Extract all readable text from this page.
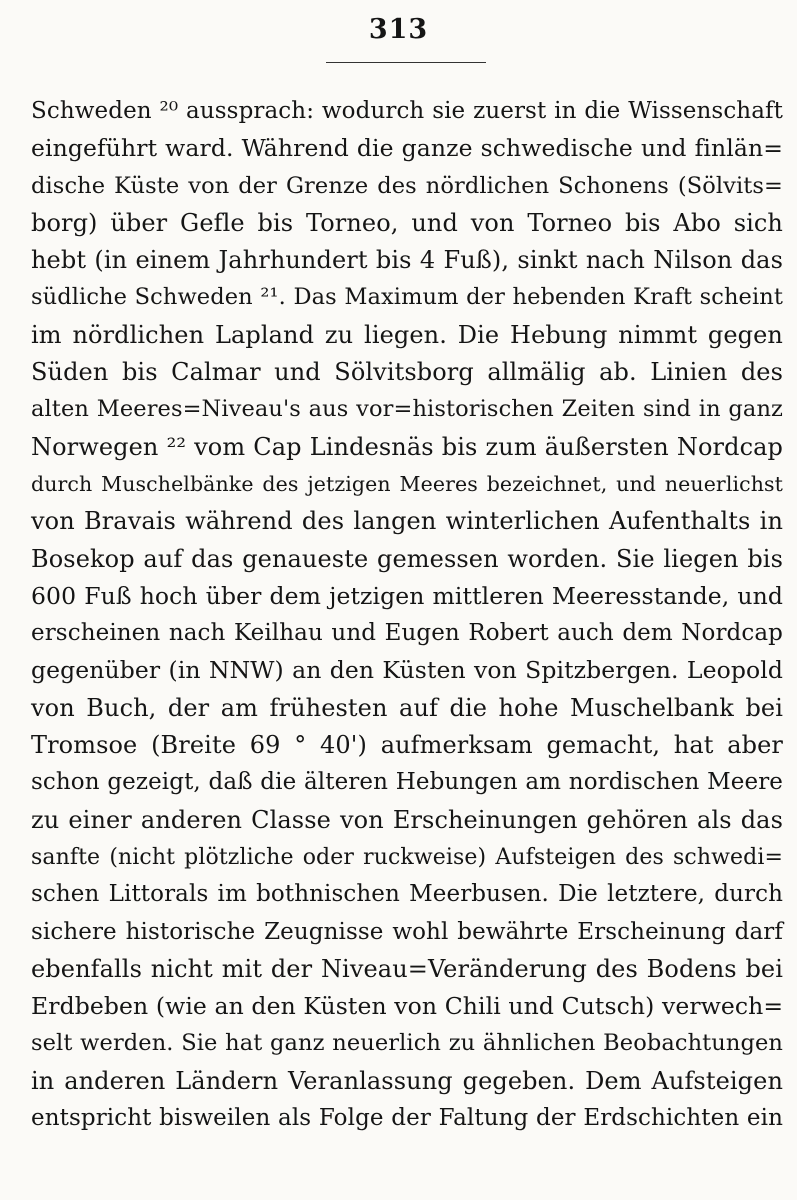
313
Schweden ²⁰ aussprach: wodurch sie zuerst in die Wissenschaft
eingeführt ward. Während die ganze schwedische und finlän=
dische Küste von der Grenze des nördlichen Schonens (Sölvits=
borg) über Gefle bis Torneo, und von Torneo bis Abo sich
hebt (in einem Jahrhundert bis 4 Fuß), sinkt nach Nilson das
südliche Schweden ²¹. Das Maximum der hebenden Kraft scheint
im nördlichen Lapland zu liegen. Die Hebung nimmt gegen
Süden bis Calmar und Sölvitsborg allmälig ab. Linien des
alten Meeres=Niveau's aus vor=historischen Zeiten sind in ganz
Norwegen ²² vom Cap Lindesnäs bis zum äußersten Nordcap
durch Muschelbänke des jetzigen Meeres bezeichnet, und neuerlichst
von Bravais während des langen winterlichen Aufenthalts in
Bosekop auf das genaueste gemessen worden. Sie liegen bis
600 Fuß hoch über dem jetzigen mittleren Meeresstande, und
erscheinen nach Keilhau und Eugen Robert auch dem Nordcap
gegenüber (in NNW) an den Küsten von Spitzbergen. Leopold
von Buch, der am frühesten auf die hohe Muschelbank bei
Tromsoe (Breite 69 ° 40') aufmerksam gemacht, hat aber
schon gezeigt, daß die älteren Hebungen am nordischen Meere
zu einer anderen Classe von Erscheinungen gehören als das
sanfte (nicht plötzliche oder ruckweise) Aufsteigen des schwedi=
schen Littorals im bothnischen Meerbusen. Die letztere, durch
sichere historische Zeugnisse wohl bewährte Erscheinung darf
ebenfalls nicht mit der Niveau=Veränderung des Bodens bei
Erdbeben (wie an den Küsten von Chili und Cutsch) verwech=
selt werden. Sie hat ganz neuerlich zu ähnlichen Beobachtungen
in anderen Ländern Veranlassung gegeben. Dem Aufsteigen
entspricht bisweilen als Folge der Faltung der Erdschichten ein
